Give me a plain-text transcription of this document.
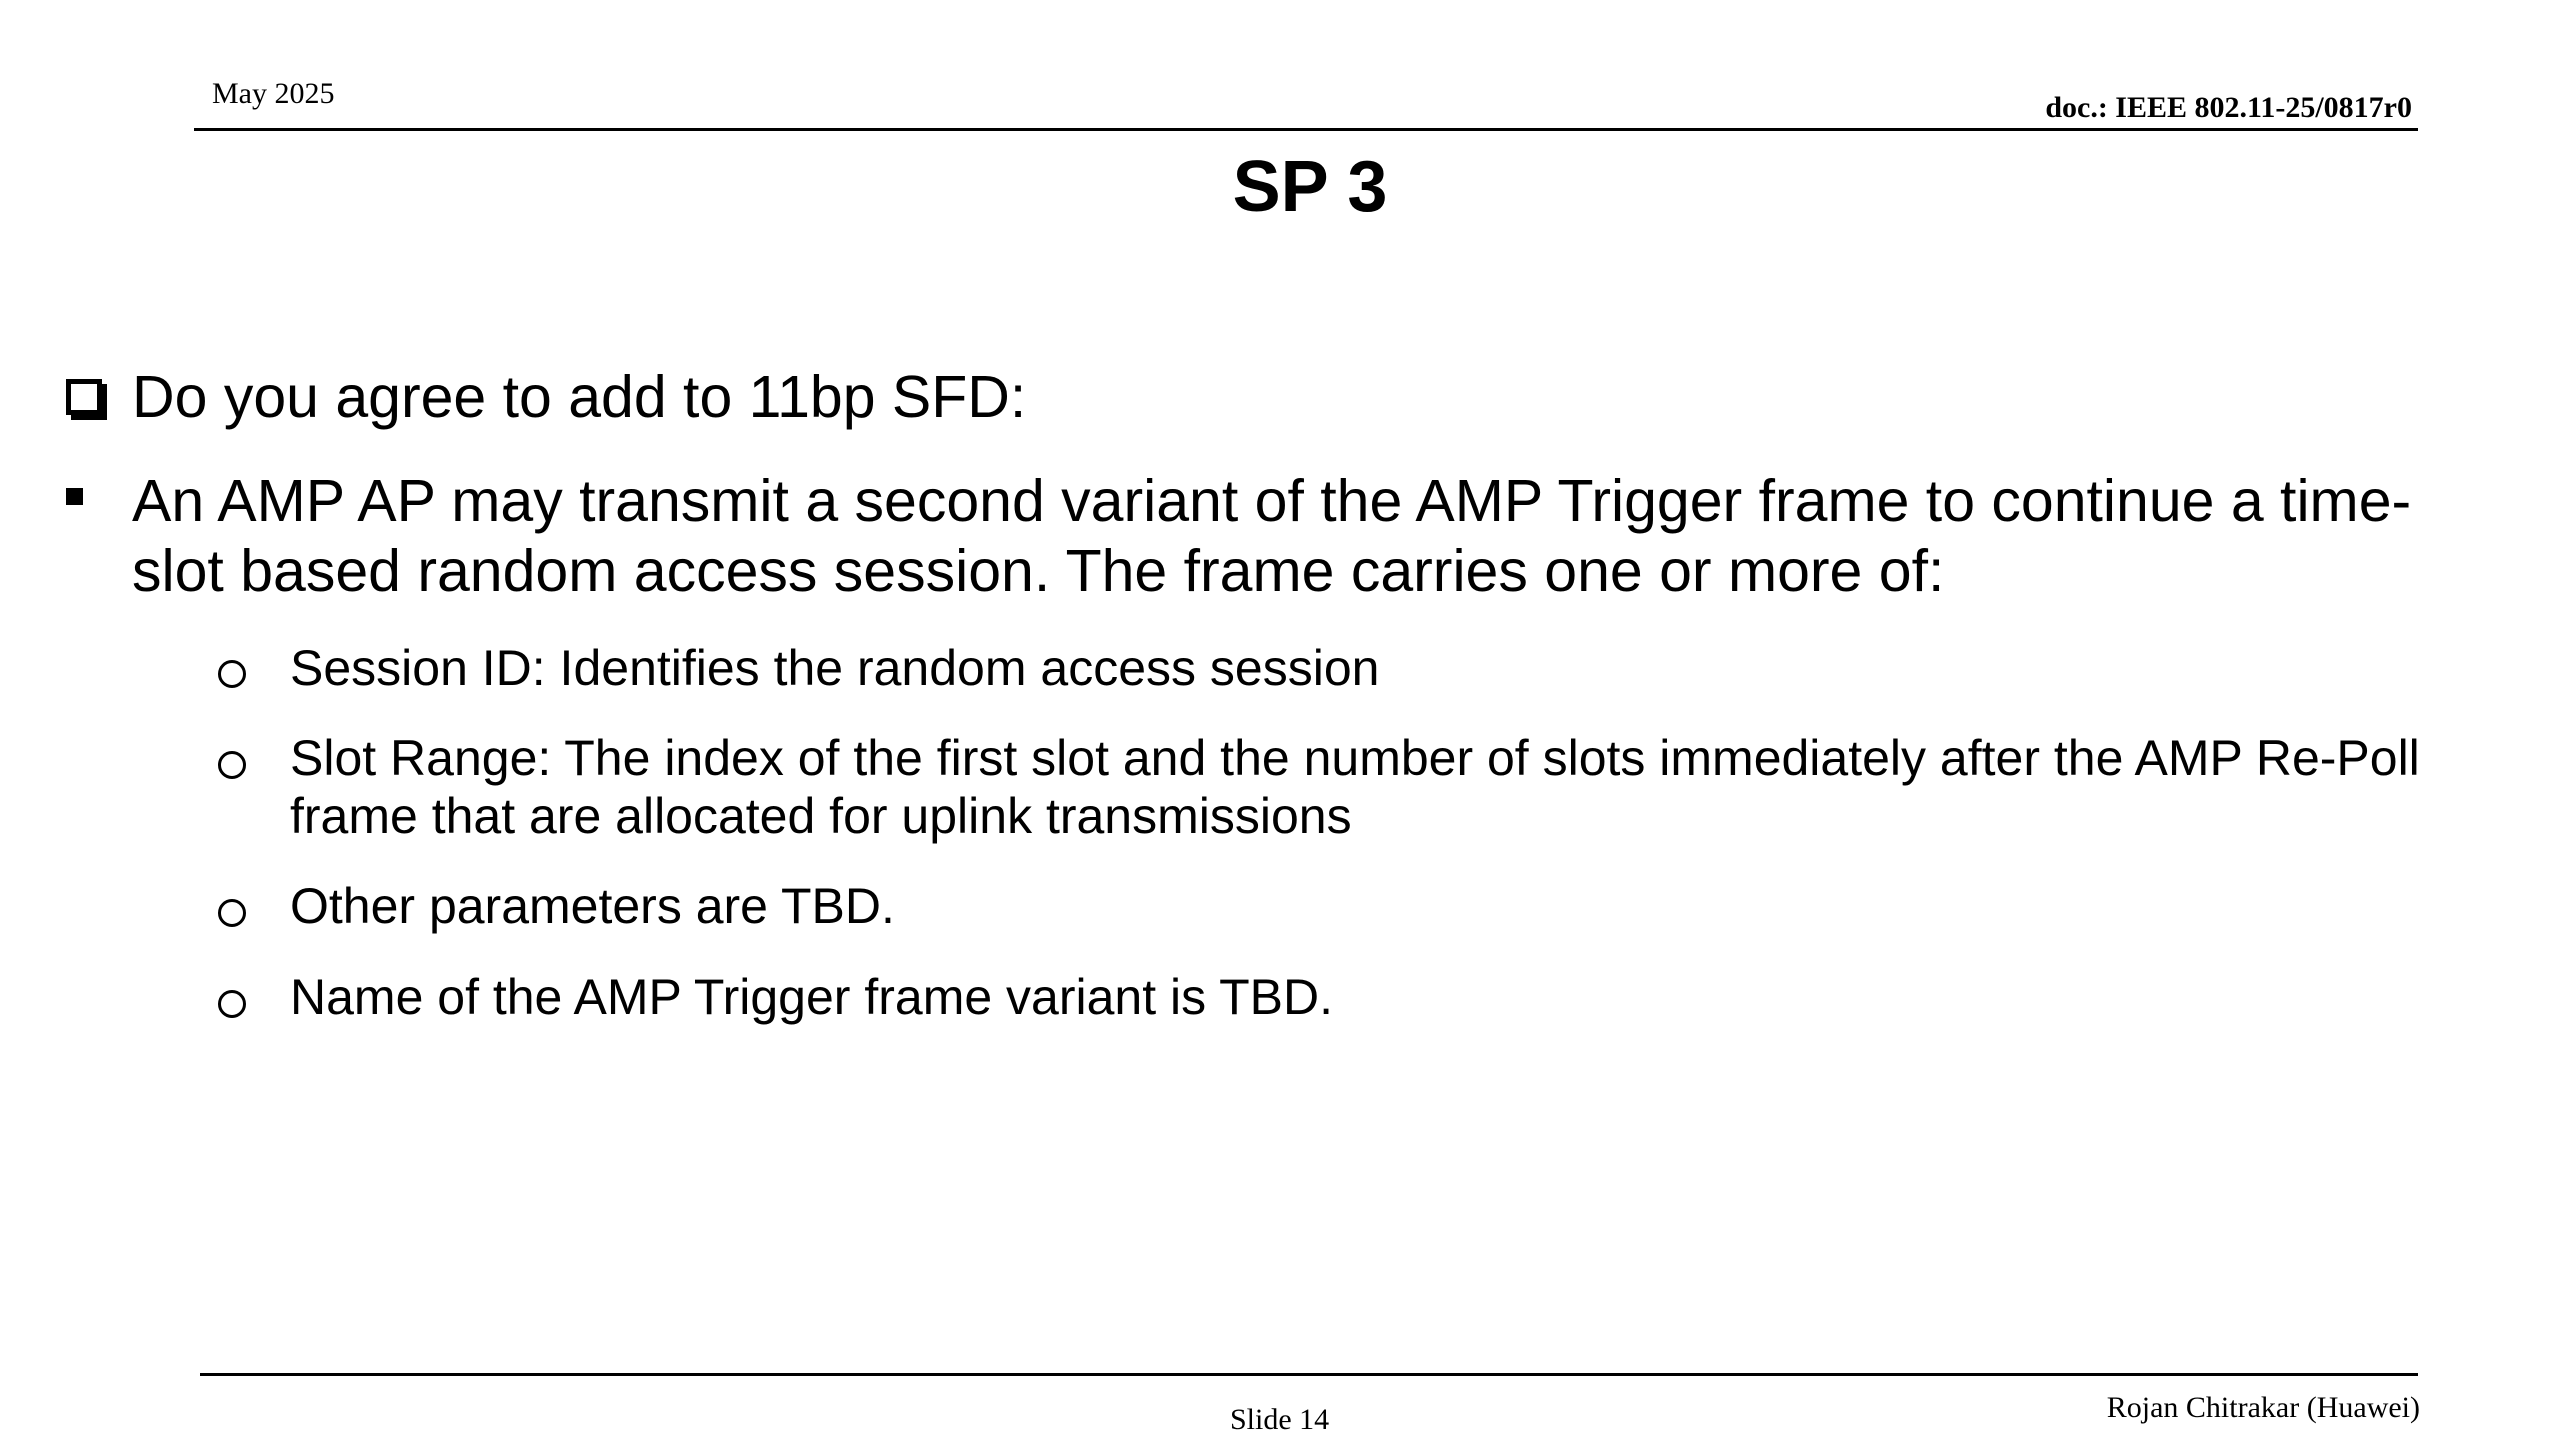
May 2025	doc.: IEEE 802.11-25/0817r0
SP 3
Do you agree to add to 11bp SFD:
An AMP AP may transmit a second variant of the AMP Trigger frame to continue a time-slot based random access session. The frame carries one or more of:
Session ID: Identifies the random access session
Slot Range: The index of the first slot and the number of slots immediately after the AMP Re-Poll frame that are allocated for uplink transmissions
Other parameters are TBD.
Name of the AMP Trigger frame variant is TBD.
Slide 14	Rojan Chitrakar (Huawei)
